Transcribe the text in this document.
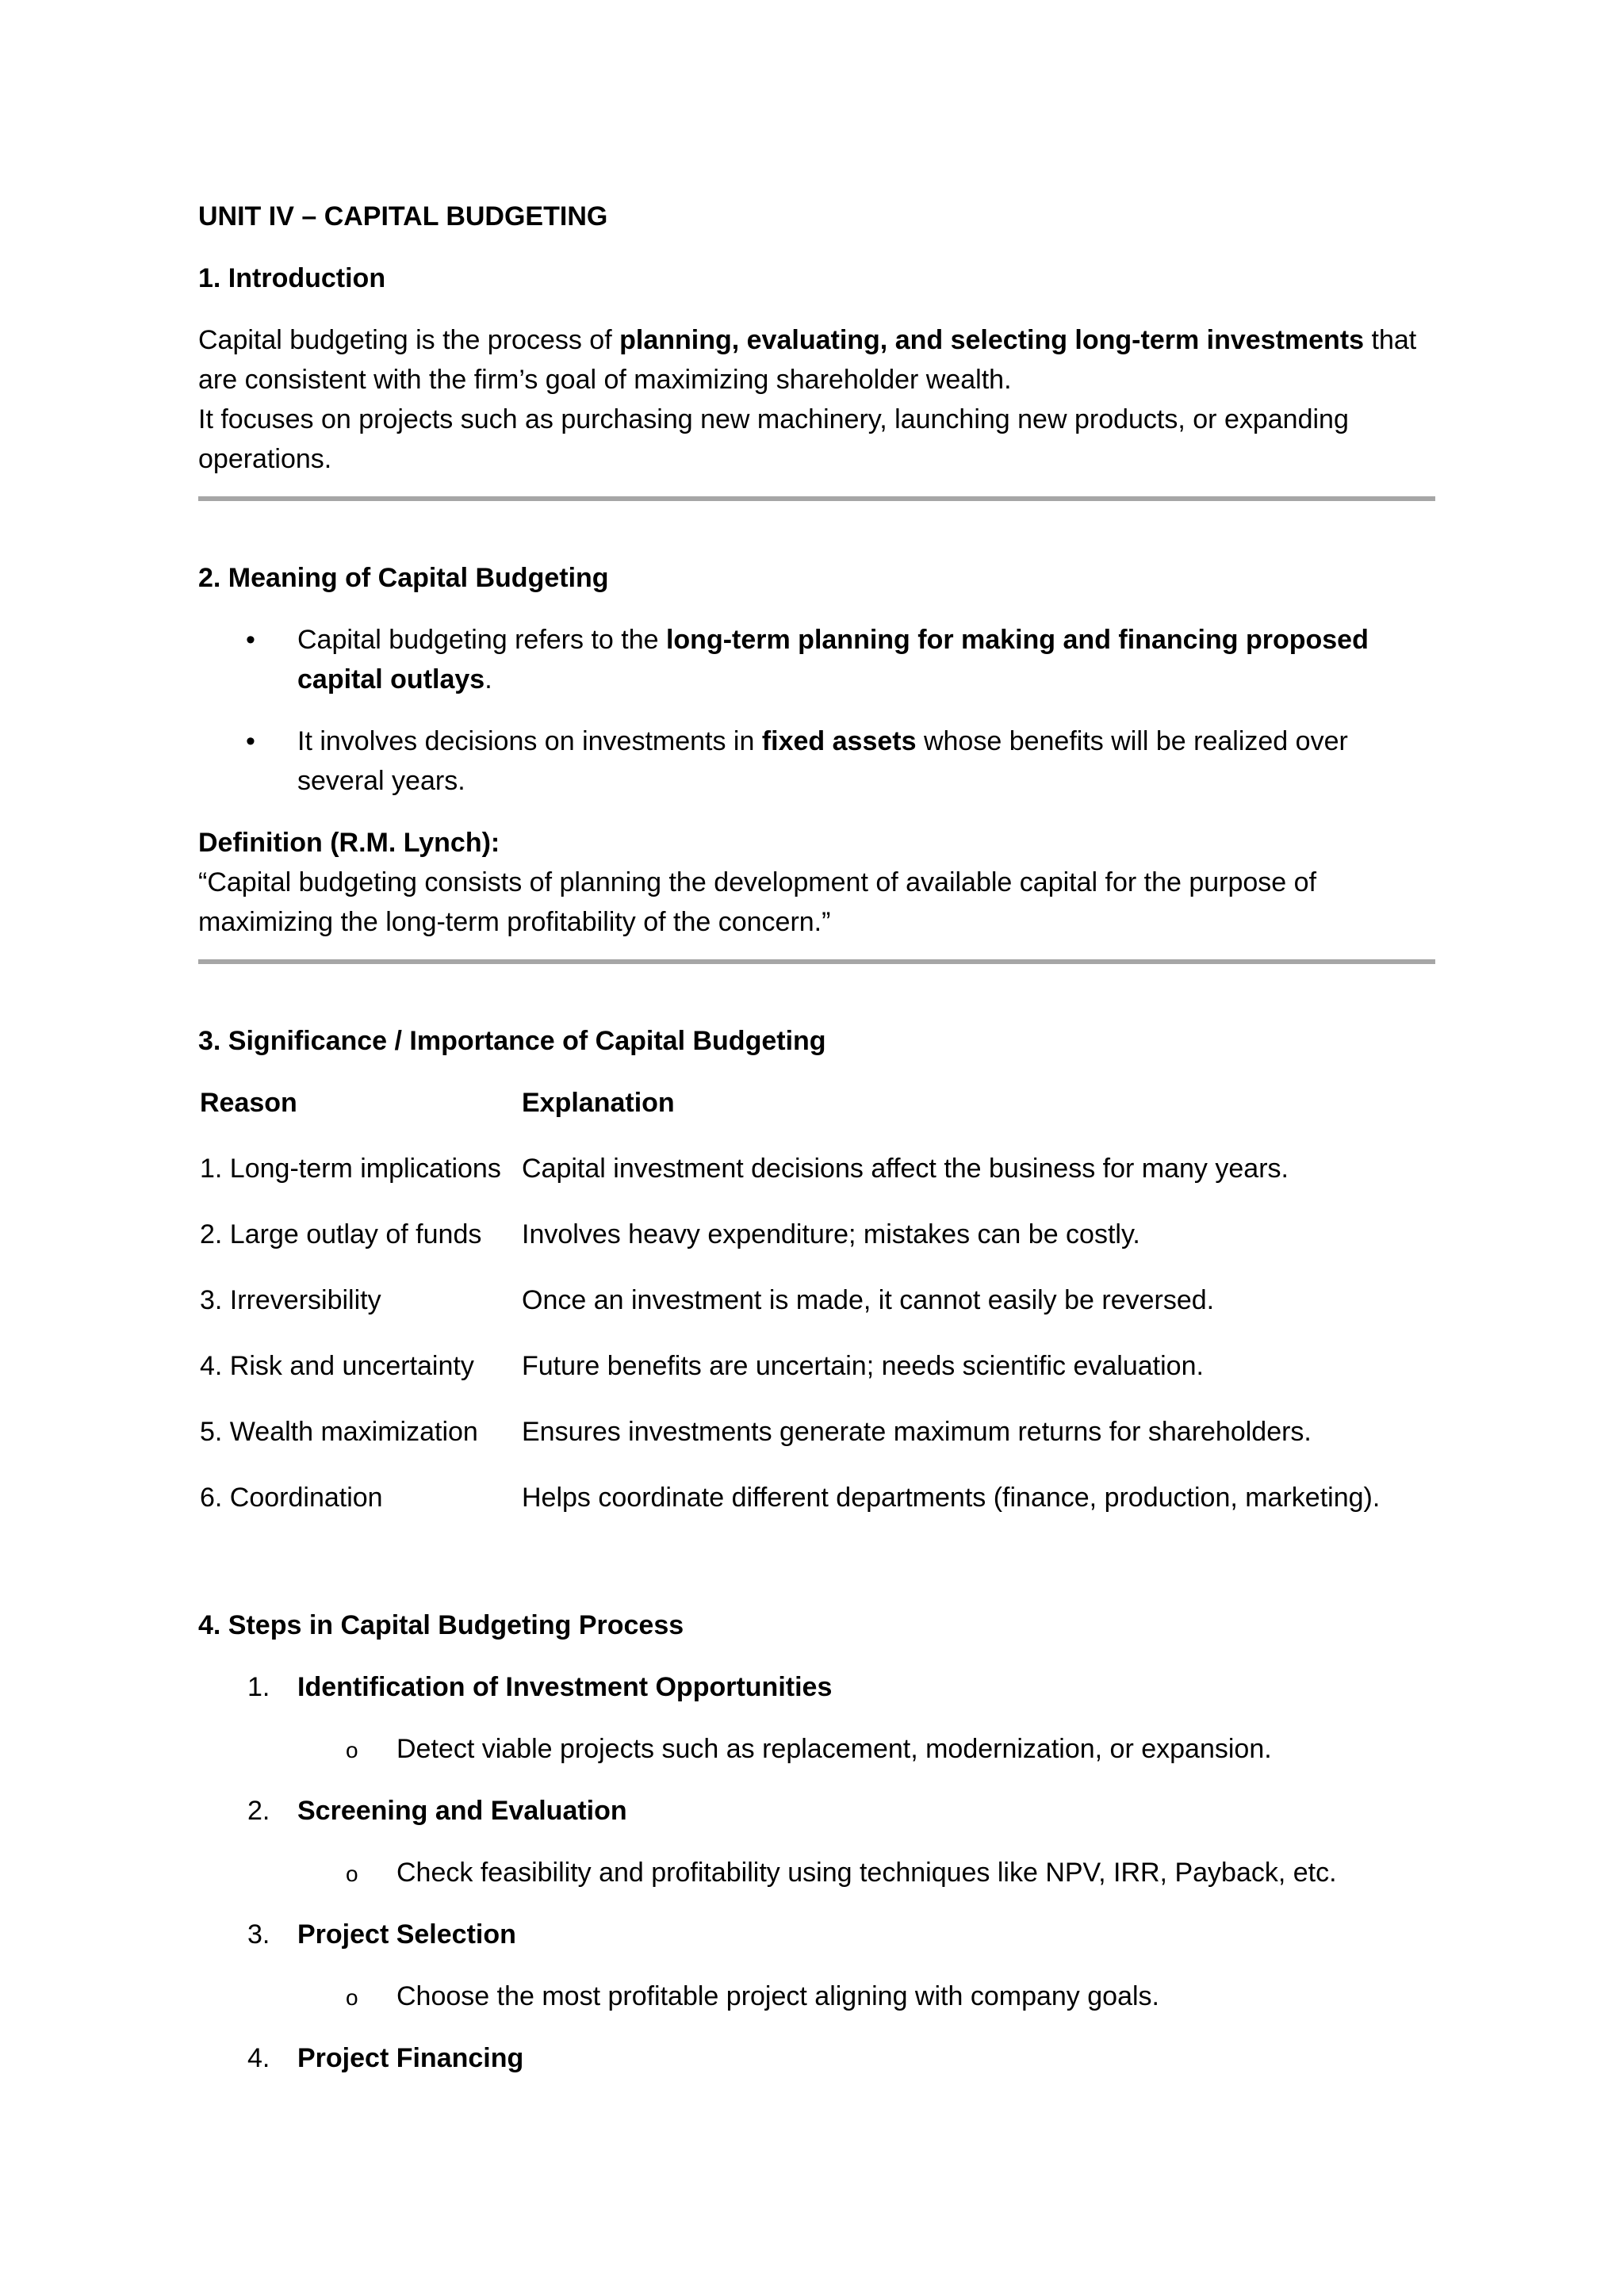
UNIT IV – CAPITAL BUDGETING

1. Introduction

Capital budgeting is the process of planning, evaluating, and selecting long-term investments that are consistent with the firm’s goal of maximizing shareholder wealth.

It focuses on projects such as purchasing new machinery, launching new products, or expanding operations.

2. Meaning of Capital Budgeting

• Capital budgeting refers to the long-term planning for making and financing proposed capital outlays.
• It involves decisions on investments in fixed assets whose benefits will be realized over several years.

Definition (R.M. Lynch):

“Capital budgeting consists of planning the development of available capital for the purpose of maximizing the long-term profitability of the concern.”

3. Significance / Importance of Capital Budgeting

Reason	Explanation
1. Long-term implications	Capital investment decisions affect the business for many years.
2. Large outlay of funds	Involves heavy expenditure; mistakes can be costly.
3. Irreversibility	Once an investment is made, it cannot easily be reversed.
4. Risk and uncertainty	Future benefits are uncertain; needs scientific evaluation.
5. Wealth maximization	Ensures investments generate maximum returns for shareholders.
6. Coordination	Helps coordinate different departments (finance, production, marketing).

4. Steps in Capital Budgeting Process

1. Identification of Investment Opportunities
o Detect viable projects such as replacement, modernization, or expansion.
2. Screening and Evaluation
o Check feasibility and profitability using techniques like NPV, IRR, Payback, etc.
3. Project Selection
o Choose the most profitable project aligning with company goals.
4. Project Financing
